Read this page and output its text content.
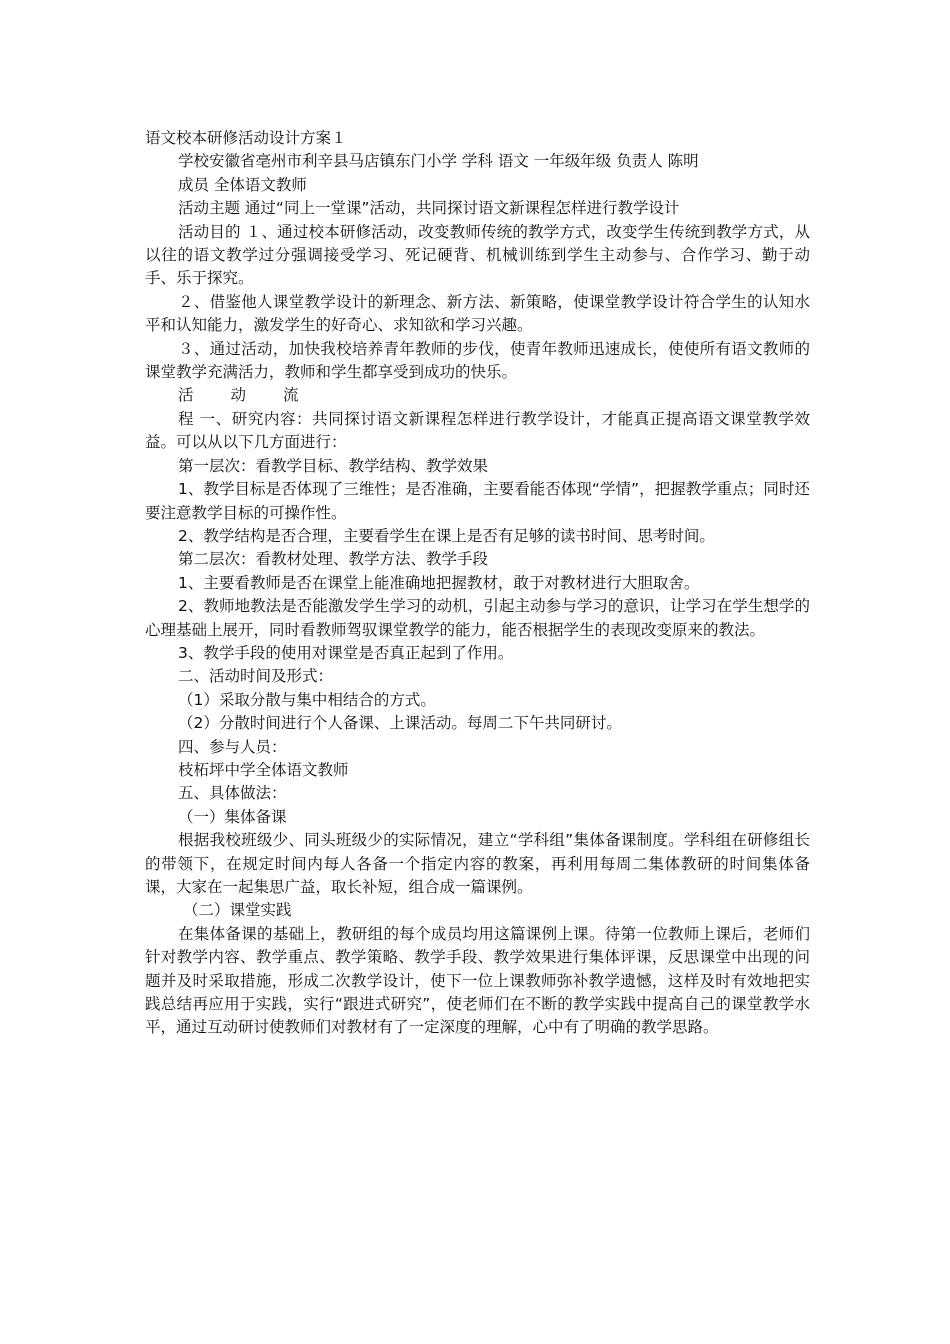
语文校本研修活动设计方案１

学校安徽省亳州市利辛县马店镇东门小学 学科 语文 一年级年级 负责人 陈明

成员 全体语文教师

活动主题 通过“同上一堂课”活动，共同探讨语文新课程怎样进行教学设计

活动目的 １、通过校本研修活动，改变教师传统的教学方式，改变学生传统到教学方式，从以往的语文教学过分强调接受学习、死记硬背、机械训练到学生主动参与、合作学习、勤于动手、乐于探究。

２、借鉴他人课堂教学设计的新理念、新方法、新策略，使课堂教学设计符合学生的认知水平和认知能力，激发学生的好奇心、求知欲和学习兴趣。

３、通过活动，加快我校培养青年教师的步伐，使青年教师迅速成长，使使所有语文教师的课堂教学充满活力，教师和学生都享受到成功的快乐。

活 动 流

程 一、研究内容：共同探讨语文新课程怎样进行教学设计，才能真正提高语文课堂教学效益。可以从以下几方面进行：

第一层次：看教学目标、教学结构、教学效果

1、教学目标是否体现了三维性；是否准确，主要看能否体现“学情”，把握教学重点；同时还要注意教学目标的可操作性。

2、教学结构是否合理，主要看学生在课上是否有足够的读书时间、思考时间。

第二层次：看教材处理、教学方法、教学手段

1、主要看教师是否在课堂上能准确地把握教材，敢于对教材进行大胆取舍。

2、教师地教法是否能激发学生学习的动机，引起主动参与学习的意识，让学习在学生想学的心理基础上展开，同时看教师驾驭课堂教学的能力，能否根据学生的表现改变原来的教法。

3、教学手段的使用对课堂是否真正起到了作用。

二、活动时间及形式：

（1）采取分散与集中相结合的方式。

（2）分散时间进行个人备课、上课活动。每周二下午共同研讨。

四、参与人员：

枝柘坪中学全体语文教师

五、具体做法：

（一）集体备课

根据我校班级少、同头班级少的实际情况，建立“学科组”集体备课制度。学科组在研修组长的带领下，在规定时间内每人各备一个指定内容的教案，再利用每周二集体教研的时间集体备课，大家在一起集思广益，取长补短，组合成一篇课例。

（二）课堂实践

在集体备课的基础上，教研组的每个成员均用这篇课例上课。待第一位教师上课后，老师们针对教学内容、教学重点、教学策略、教学手段、教学效果进行集体评课，反思课堂中出现的问题并及时采取措施，形成二次教学设计，使下一位上课教师弥补教学遗憾，这样及时有效地把实践总结再应用于实践，实行“跟进式研究”，使老师们在不断的教学实践中提高自己的课堂教学水平，通过互动研讨使教师们对教材有了一定深度的理解，心中有了明确的教学思路。
